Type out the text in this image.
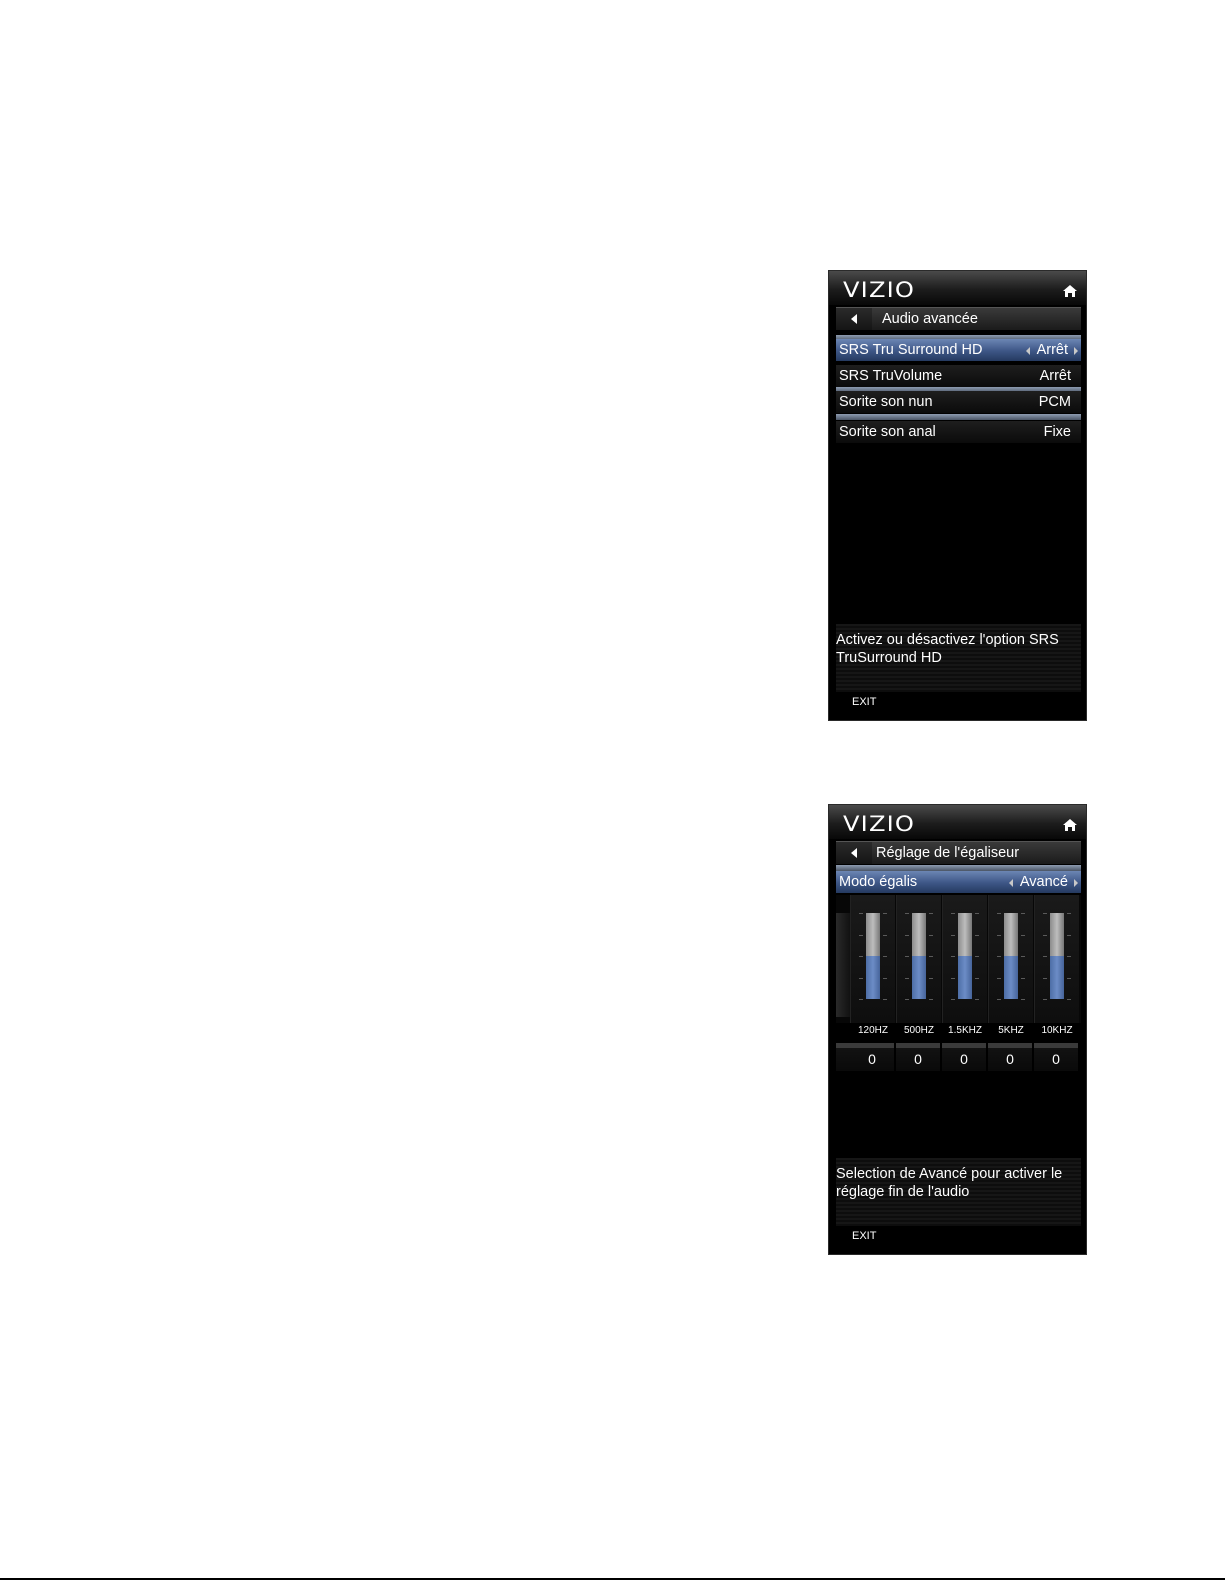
VIZIO
Audio avancée
SRS Tru Surround HD	Arrêt
SRS TruVolume	Arrêt
Sorite son nun	PCM
Sorite son anal	Fixe
Activez ou désactivez l'option SRS TruSurround HD
EXIT
VIZIO
Réglage de l'égaliseur
Modo égalis	Avancé
120HZ	500HZ	1.5KHZ	5KHZ	10KHZ
0	0	0	0	0
Selection de Avancé pour activer le réglage fin de l'audio
EXIT
